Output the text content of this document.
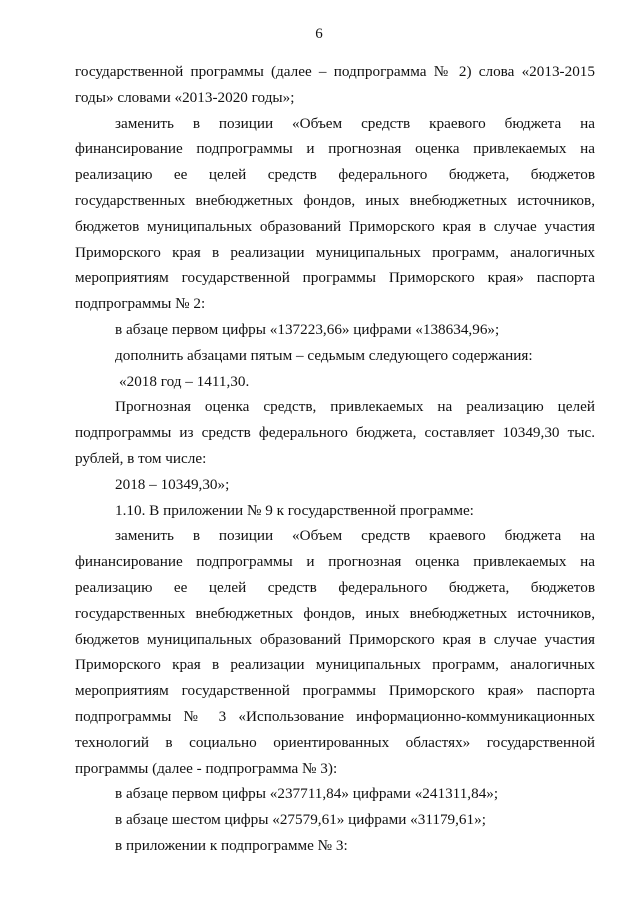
6

государственной программы (далее – подпрограмма № 2) слова «2013-2015 годы» словами «2013-2020 годы»;

заменить в позиции «Объем средств краевого бюджета на финансирование подпрограммы и прогнозная оценка привлекаемых на реализацию ее целей средств федерального бюджета, бюджетов государственных внебюджетных фондов, иных внебюджетных источников, бюджетов муниципальных образований Приморского края в случае участия Приморского края в реализации муниципальных программ, аналогичных мероприятиям государственной программы Приморского края» паспорта подпрограммы № 2:

в абзаце первом цифры «137223,66» цифрами «138634,96»;

дополнить абзацами пятым – седьмым следующего содержания:

«2018 год – 1411,30.

Прогнозная оценка средств, привлекаемых на реализацию целей подпрограммы из средств федерального бюджета, составляет 10349,30 тыс. рублей, в том числе:

2018 – 10349,30»;

1.10. В приложении № 9 к государственной программе:

заменить в позиции «Объем средств краевого бюджета на финансирование подпрограммы и прогнозная оценка привлекаемых на реализацию ее целей средств федерального бюджета, бюджетов государственных внебюджетных фондов, иных внебюджетных источников, бюджетов муниципальных образований Приморского края в случае участия Приморского края в реализации муниципальных программ, аналогичных мероприятиям государственной программы Приморского края» паспорта подпрограммы № 3 «Использование информационно-коммуникационных технологий в социально ориентированных областях» государственной программы (далее - подпрограмма № 3):

в абзаце первом цифры «237711,84» цифрами «241311,84»;

в абзаце шестом цифры «27579,61» цифрами «31179,61»;

в приложении к подпрограмме № 3:
